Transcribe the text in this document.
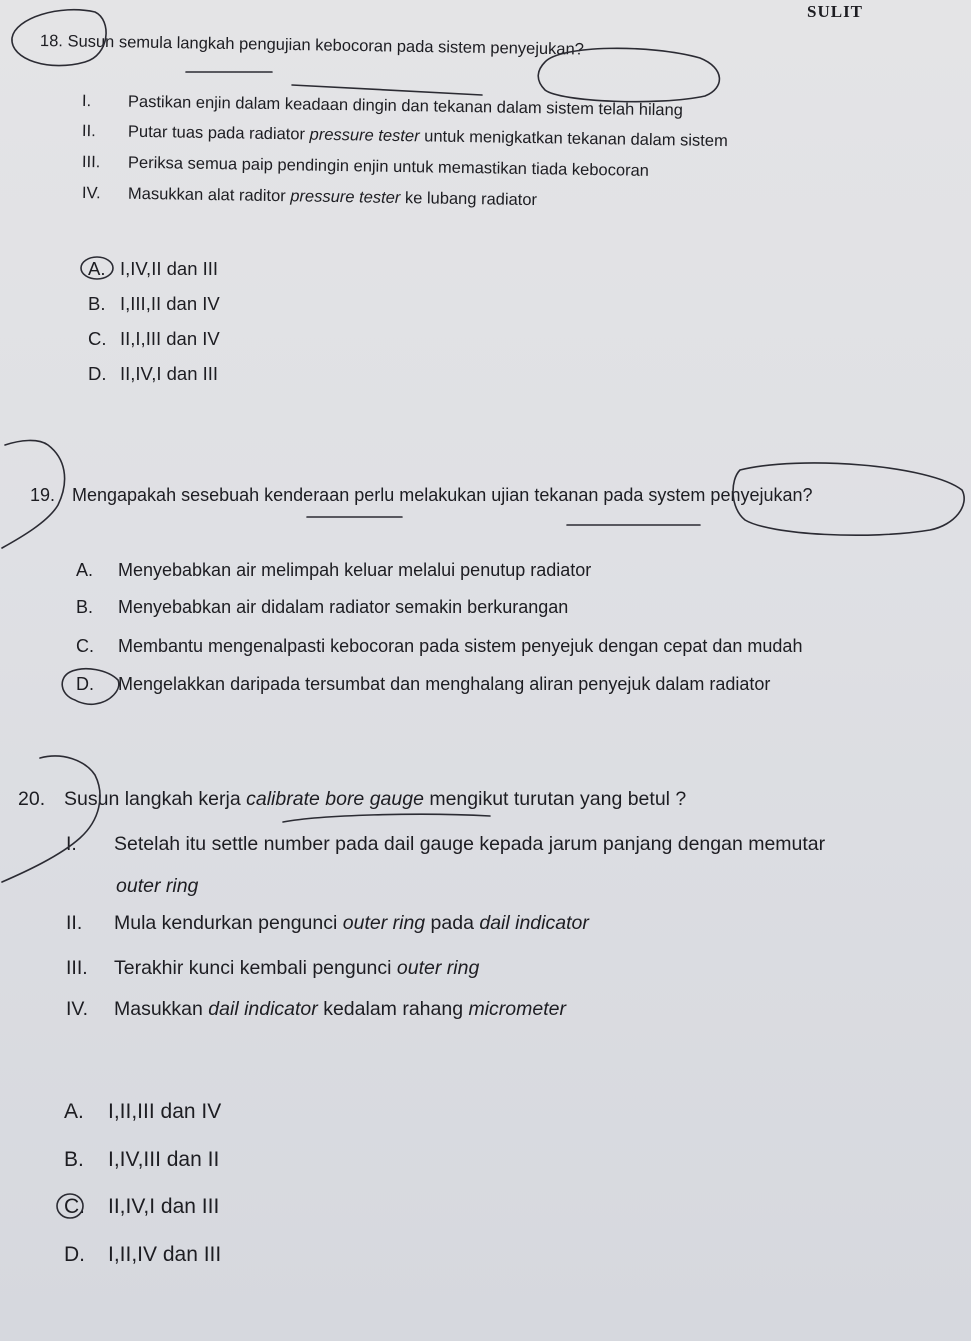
SULIT
18. Susun semula langkah pengujian kebocoran pada sistem penyejukan?
I. Pastikan enjin dalam keadaan dingin dan tekanan dalam sistem telah hilang
II. Putar tuas pada radiator pressure tester untuk menigkatkan tekanan dalam sistem
III. Periksa semua paip pendingin enjin untuk memastikan tiada kebocoran
IV. Masukkan alat raditor pressure tester ke lubang radiator
A. I,IV,II dan III
B. I,III,II dan IV
C. II,I,III dan IV
D. II,IV,I dan III
19. Mengapakah sesebuah kenderaan perlu melakukan ujian tekanan pada system penyejukan?
A. Menyebabkan air melimpah keluar melalui penutup radiator
B. Menyebabkan air didalam radiator semakin berkurangan
C. Membantu mengenalpasti kebocoran pada sistem penyejuk dengan cepat dan mudah
D. Mengelakkan daripada tersumbat dan menghalang aliran penyejuk dalam radiator
20. Susun langkah kerja calibrate bore gauge mengikut turutan yang betul ?
I. Setelah itu settle number pada dail gauge kepada jarum panjang dengan memutar
outer ring
II. Mula kendurkan pengunci outer ring pada dail indicator
III. Terakhir kunci kembali pengunci outer ring
IV. Masukkan dail indicator kedalam rahang micrometer
A. I,II,III dan IV
B. I,IV,III dan II
C. II,IV,I dan III
D. I,II,IV dan III
